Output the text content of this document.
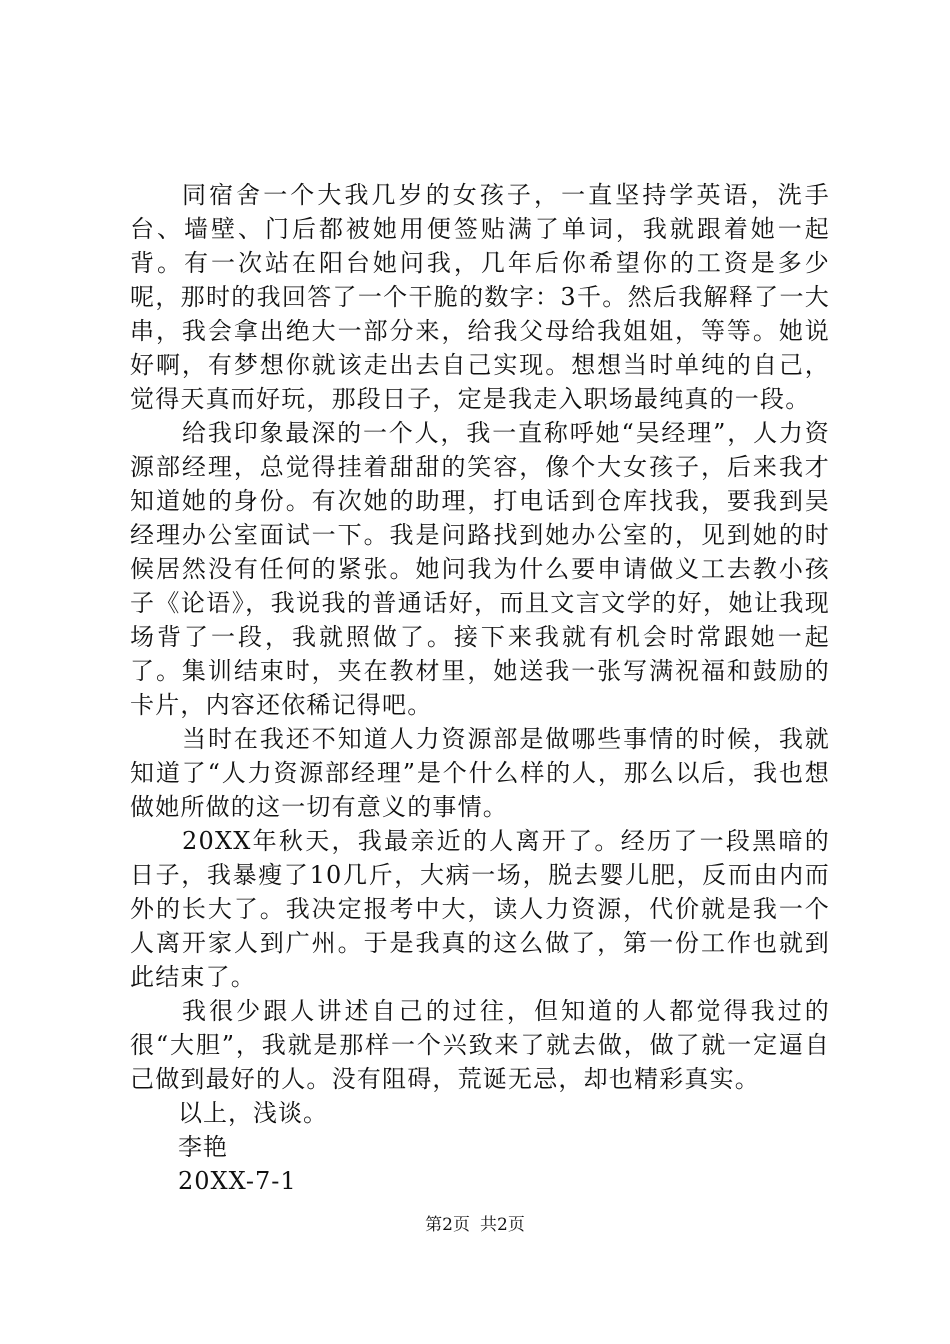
同宿舍一个大我几岁的女孩子，一直坚持学英语，洗手台、墙壁、门后都被她用便签贴满了单词，我就跟着她一起背。有一次站在阳台她问我，几年后你希望你的工资是多少呢，那时的我回答了一个干脆的数字：3千。然后我解释了一大串，我会拿出绝大一部分来，给我父母给我姐姐，等等。她说好啊，有梦想你就该走出去自己实现。想想当时单纯的自己，觉得天真而好玩，那段日子，定是我走入职场最纯真的一段。

给我印象最深的一个人，我一直称呼她“吴经理”，人力资源部经理，总觉得挂着甜甜的笑容，像个大女孩子，后来我才知道她的身份。有次她的助理，打电话到仓库找我，要我到吴经理办公室面试一下。我是问路找到她办公室的，见到她的时候居然没有任何的紧张。她问我为什么要申请做义工去教小孩子《论语》，我说我的普通话好，而且文言文学的好，她让我现场背了一段，我就照做了。接下来我就有机会时常跟她一起了。集训结束时，夹在教材里，她送我一张写满祝福和鼓励的卡片，内容还依稀记得吧。

当时在我还不知道人力资源部是做哪些事情的时候，我就知道了“人力资源部经理”是个什么样的人，那么以后，我也想做她所做的这一切有意义的事情。

20XX年秋天，我最亲近的人离开了。经历了一段黑暗的日子，我暴瘦了10几斤，大病一场，脱去婴儿肥，反而由内而外的长大了。我决定报考中大，读人力资源，代价就是我一个人离开家人到广州。于是我真的这么做了，第一份工作也就到此结束了。

我很少跟人讲述自己的过往，但知道的人都觉得我过的很“大胆”，我就是那样一个兴致来了就去做，做了就一定逼自己做到最好的人。没有阻碍，荒诞无忌，却也精彩真实。

以上，浅谈。

李艳

20XX-7-1

第2页 共2页
